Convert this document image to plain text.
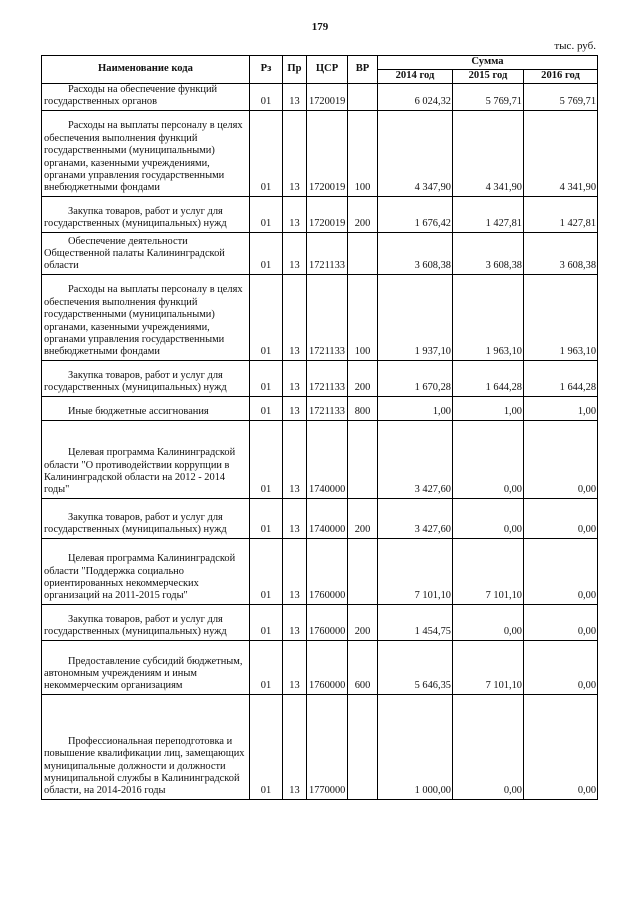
179
тыс. руб.
Наименование кода	Рз	Пр	ЦСР	ВР	Сумма		
					2014 год	2015 год	2016 год

Расходы на обеспечение функций государственных органов	01	13	1720019		6 024,32	5 769,71	5 769,71

Расходы на выплаты персоналу в целях обеспечения выполнения функций государственными (муниципальными) органами, казенными учреждениями, органами управления государственными внебюджетными фондами	01	13	1720019	100	4 347,90	4 341,90	4 341,90

Закупка товаров, работ и услуг для государственных (муниципальных) нужд	01	13	1720019	200	1 676,42	1 427,81	1 427,81

Обеспечение деятельности Общественной палаты Калининградской области	01	13	1721133		3 608,38	3 608,38	3 608,38

Расходы на выплаты персоналу в целях обеспечения выполнения функций государственными (муниципальными) органами, казенными учреждениями, органами управления государственными внебюджетными фондами	01	13	1721133	100	1 937,10	1 963,10	1 963,10

Закупка товаров, работ и услуг для государственных (муниципальных) нужд	01	13	1721133	200	1 670,28	1 644,28	1 644,28

Иные бюджетные ассигнования	01	13	1721133	800	1,00	1,00	1,00

Целевая программа Калининградской области "О противодействии коррупции в Калининградской области на 2012 - 2014 годы"	01	13	1740000		3 427,60	0,00	0,00

Закупка товаров, работ и услуг для государственных (муниципальных) нужд	01	13	1740000	200	3 427,60	0,00	0,00

Целевая программа Калининградской области "Поддержка социально ориентированных некоммерческих организаций на 2011-2015 годы"	01	13	1760000		7 101,10	7 101,10	0,00

Закупка товаров, работ и услуг для государственных (муниципальных) нужд	01	13	1760000	200	1 454,75	0,00	0,00

Предоставление субсидий бюджетным, автономным учреждениям и иным некоммерческим организациям	01	13	1760000	600	5 646,35	7 101,10	0,00

Профессиональная переподготовка и повышение квалификации лиц, замещающих муниципальные должности и должности муниципальной службы в Калининградской области, на 2014-2016 годы	01	13	1770000		1 000,00	0,00	0,00
